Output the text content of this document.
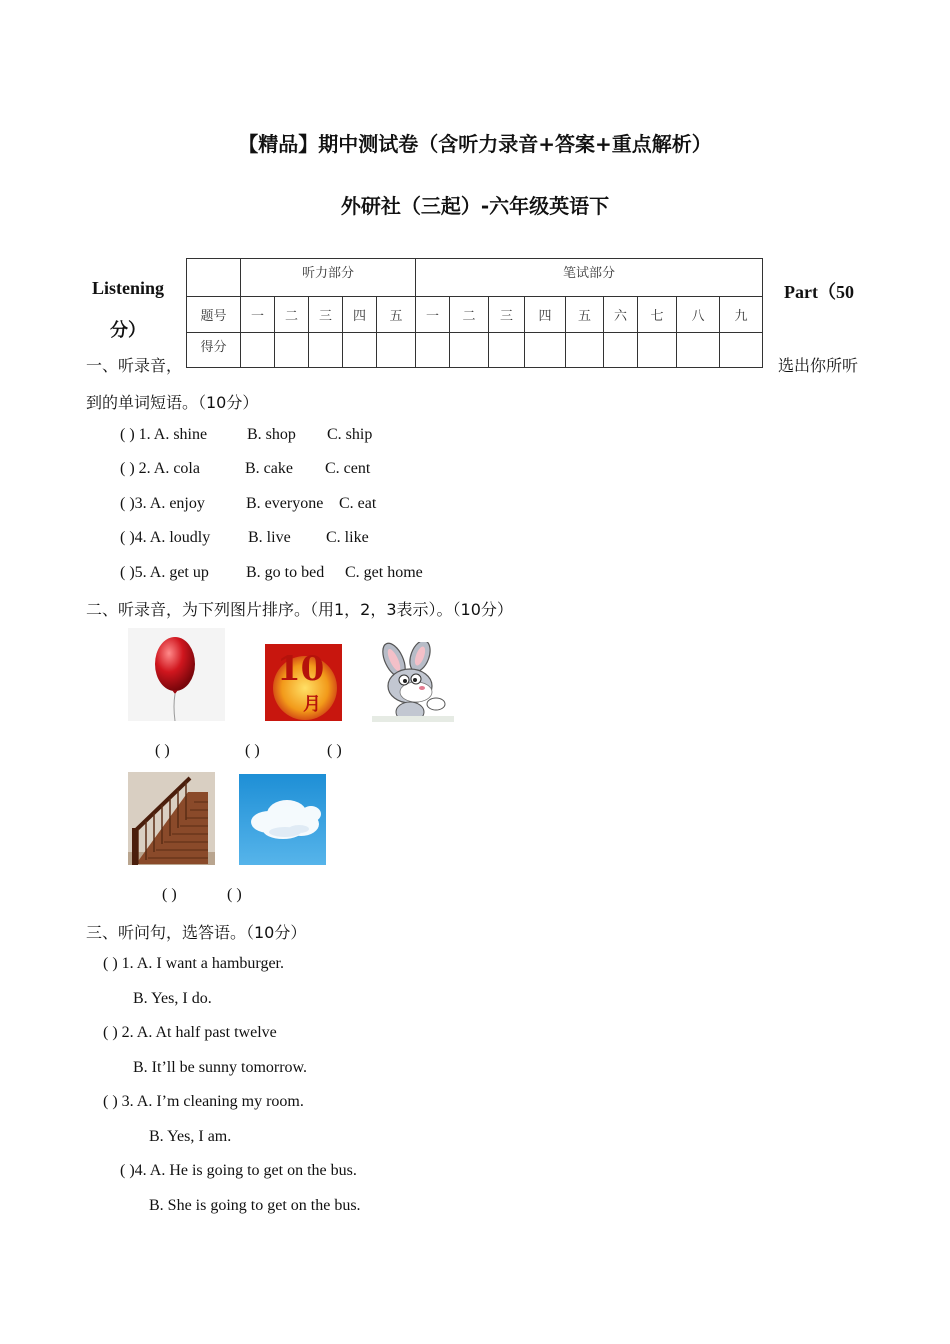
【精品】期中测试卷（含听力录音+答案+重点解析）
外研社（三起）-六年级英语下
Listening	Part（50
分）
	听力部分					笔试部分								
题号	一	二	三	四	五	一	二	三	四	五	六	七	八	九
得分														
一、听录音，	选出你所听
到的单词短语。（10分）
( ) 1. A. shine B. shop C. ship
( ) 2. A. cola	B. cake C. cent
( )3. A. enjoy	B. everyone C. eat
( )4. A. loudly B. live C. like
( )5. A. get up B. go to bed C. get home
二、听录音，为下列图片排序。（用1，2，3表示）。（10分）
10
月
( )	( )	( )
( )	( )
三、听问句，选答语。（10分）
( ) 1. A. I want a hamburger.
B. Yes, I do.
( ) 2. A. At half past twelve
B. It’ll be sunny tomorrow.
( ) 3. A. I’m cleaning my room.
B. Yes, I am.
( )4. A. He is going to get on the bus.
B. She is going to get on the bus.
